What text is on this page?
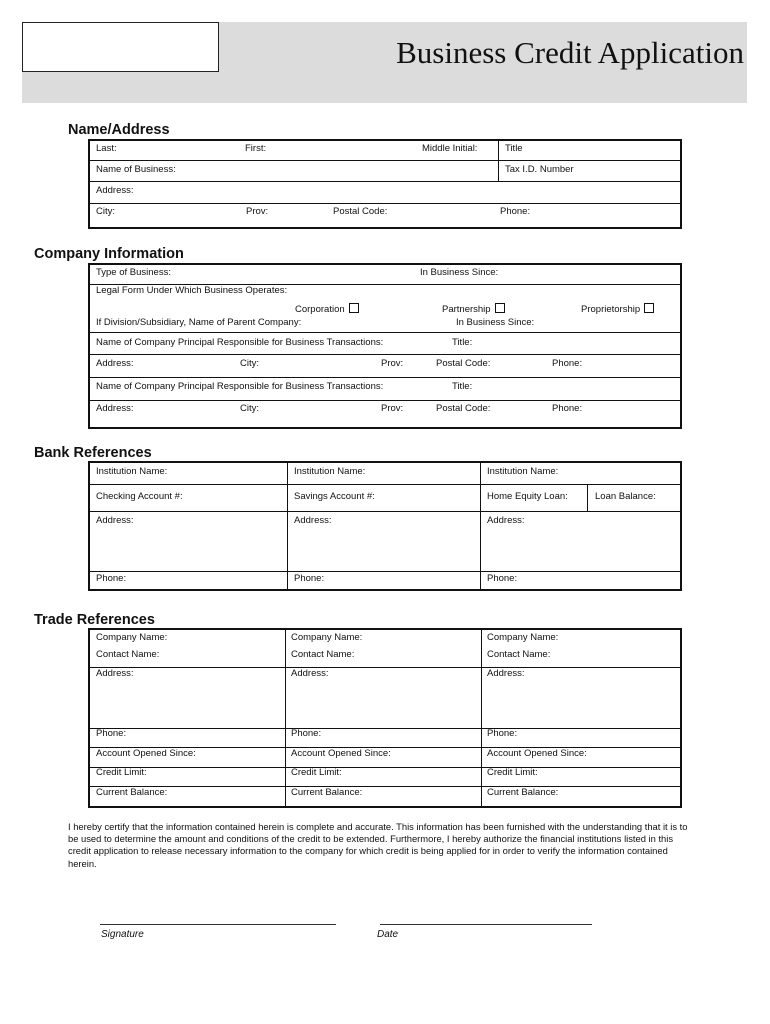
Business Credit Application
Name/Address
Last:	First:	Middle Initial:	Title
Name of Business:	Tax I.D. Number
Address:
City:	Prov:	Postal Code:	Phone:
Company Information
Type of Business:	In Business Since:
Legal Form Under Which Business Operates:
Corporation	Partnership	Proprietorship
If Division/Subsidiary, Name of Parent Company:	In Business Since:
Name of Company Principal Responsible for Business Transactions:	Title:
Address:	City:	Prov:	Postal Code:	Phone:
Name of Company Principal Responsible for Business Transactions:	Title:
Address:	City:	Prov:	Postal Code:	Phone:
Bank References
Institution Name:	Institution Name:	Institution Name:
Checking Account #:	Savings Account #:	Home Equity Loan:	Loan Balance:
Address:	Address:	Address:
Phone:	Phone:	Phone:
Trade References
Company Name:	Company Name:	Company Name:
Contact Name:	Contact Name:	Contact Name:
Address:	Address:	Address:
Phone:	Phone:	Phone:
Account Opened Since:	Account Opened Since:	Account Opened Since:
Credit Limit:	Credit Limit:	Credit Limit:
Current Balance:	Current Balance:	Current Balance:
I hereby certify that the information contained herein is complete and accurate. This information has been furnished with the understanding that it is to be used to determine the amount and conditions of the credit to be extended. Furthermore, I hereby authorize the financial institutions listed in this credit application to release necessary information to the company for which credit is being applied for in order to verify the information contained herein.
Signature	Date
